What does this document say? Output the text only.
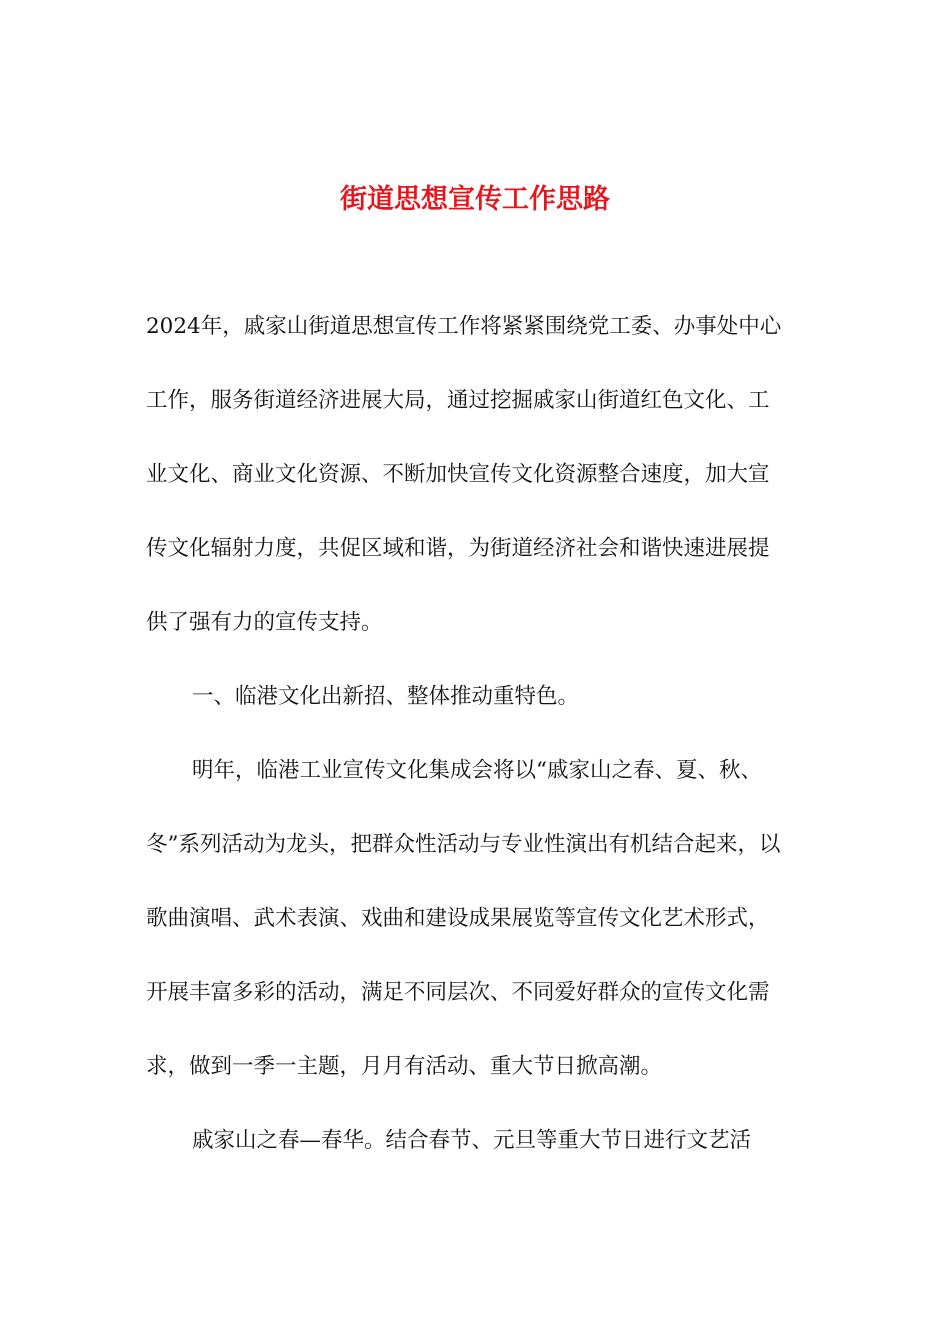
街道思想宣传工作思路
2024年，戚家山街道思想宣传工作将紧紧围绕党工委、办事处中心
工作，服务街道经济进展大局，通过挖掘戚家山街道红色文化、工
业文化、商业文化资源、不断加快宣传文化资源整合速度，加大宣
传文化辐射力度，共促区域和谐，为街道经济社会和谐快速进展提
供了强有力的宣传支持。
一、临港文化出新招、整体推动重特色。
明年，临港工业宣传文化集成会将以“戚家山之春、夏、秋、
冬”系列活动为龙头，把群众性活动与专业性演出有机结合起来，以
歌曲演唱、武术表演、戏曲和建设成果展览等宣传文化艺术形式，
开展丰富多彩的活动，满足不同层次、不同爱好群众的宣传文化需
求，做到一季一主题，月月有活动、重大节日掀高潮。
戚家山之春—春华。结合春节、元旦等重大节日进行文艺活
